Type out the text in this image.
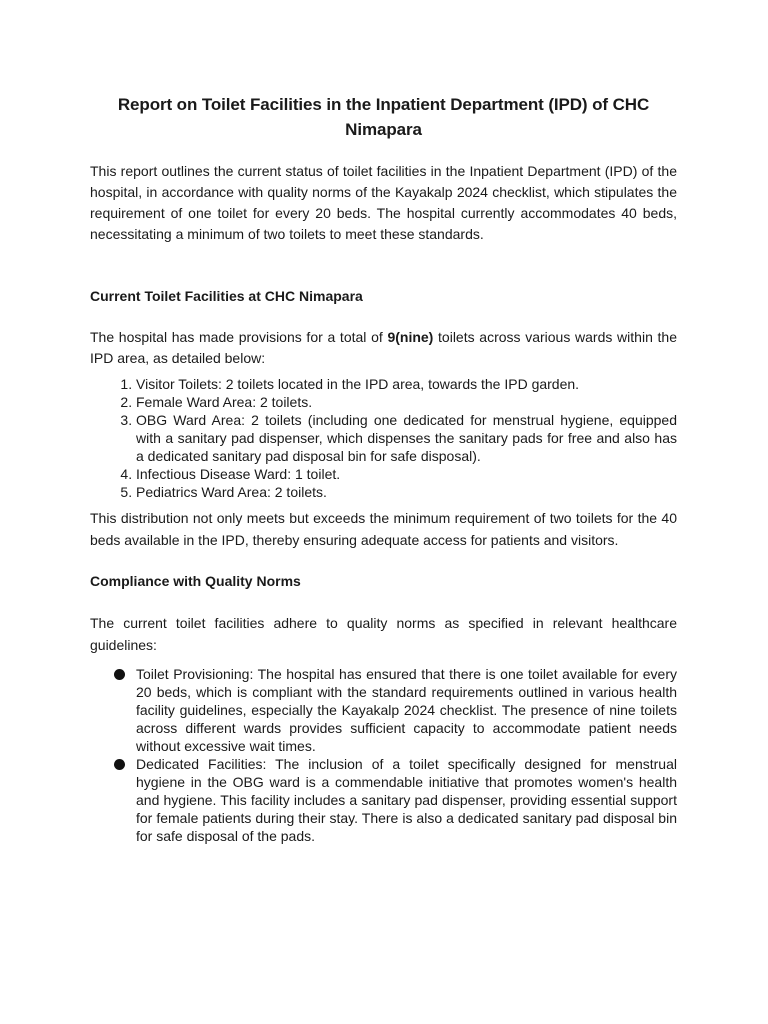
Report on Toilet Facilities in the Inpatient Department (IPD) of CHC Nimapara

This report outlines the current status of toilet facilities in the Inpatient Department (IPD) of the hospital, in accordance with quality norms of the Kayakalp 2024 checklist, which stipulates the requirement of one toilet for every 20 beds. The hospital currently accommodates 40 beds, necessitating a minimum of two toilets to meet these standards.

Current Toilet Facilities at CHC Nimapara

The hospital has made provisions for a total of 9(nine) toilets across various wards within the IPD area, as detailed below:

1. Visitor Toilets: 2 toilets located in the IPD area, towards the IPD garden.
2. Female Ward Area: 2 toilets.
3. OBG Ward Area: 2 toilets (including one dedicated for menstrual hygiene, equipped with a sanitary pad dispenser, which dispenses the sanitary pads for free and also has a dedicated sanitary pad disposal bin for safe disposal).
4. Infectious Disease Ward: 1 toilet.
5. Pediatrics Ward Area: 2 toilets.

This distribution not only meets but exceeds the minimum requirement of two toilets for the 40 beds available in the IPD, thereby ensuring adequate access for patients and visitors.

Compliance with Quality Norms

The current toilet facilities adhere to quality norms as specified in relevant healthcare guidelines:

Toilet Provisioning: The hospital has ensured that there is one toilet available for every 20 beds, which is compliant with the standard requirements outlined in various health facility guidelines, especially the Kayakalp 2024 checklist. The presence of nine toilets across different wards provides sufficient capacity to accommodate patient needs without excessive wait times.
Dedicated Facilities: The inclusion of a toilet specifically designed for menstrual hygiene in the OBG ward is a commendable initiative that promotes women's health and hygiene. This facility includes a sanitary pad dispenser, providing essential support for female patients during their stay. There is also a dedicated sanitary pad disposal bin for safe disposal of the pads.
